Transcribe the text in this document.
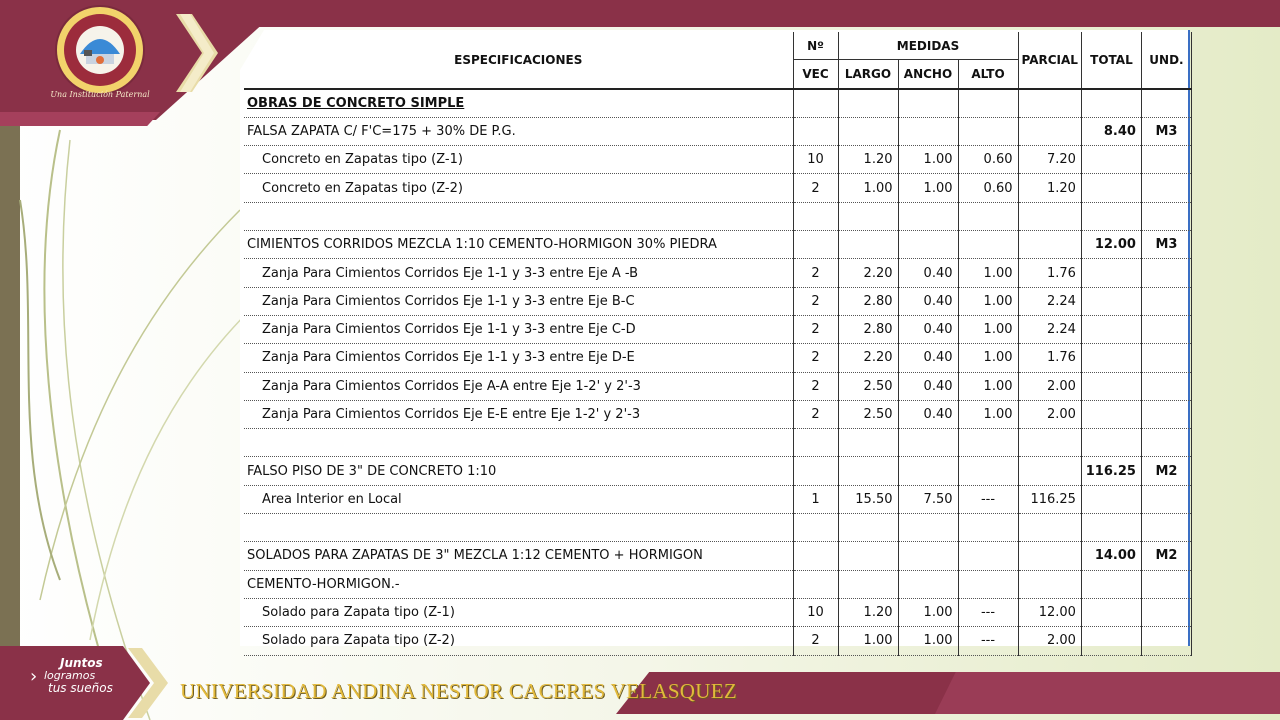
Una Institución Paternal
ESPECIFICACIONES	Nº	MEDIDAS			PARCIAL	TOTAL	UND.
	VEC	LARGO	ANCHO	ALTO			
OBRAS DE CONCRETO SIMPLE							
FALSA ZAPATA C/ F'C=175 + 30% DE P.G.						8.40	M3
Concreto en Zapatas tipo (Z-1)	10	1.20	1.00	0.60	7.20		
Concreto en Zapatas tipo (Z-2)	2	1.00	1.00	0.60	1.20		

CIMIENTOS CORRIDOS MEZCLA 1:10 CEMENTO-HORMIGON 30% PIEDRA						12.00	M3
Zanja Para Cimientos Corridos Eje 1-1 y 3-3 entre Eje A -B	2	2.20	0.40	1.00	1.76		
Zanja Para Cimientos Corridos Eje 1-1 y 3-3 entre Eje B-C	2	2.80	0.40	1.00	2.24		
Zanja Para Cimientos Corridos Eje 1-1 y 3-3 entre Eje C-D	2	2.80	0.40	1.00	2.24		
Zanja Para Cimientos Corridos Eje 1-1 y 3-3 entre Eje D-E	2	2.20	0.40	1.00	1.76		
Zanja Para Cimientos Corridos Eje A-A entre Eje 1-2' y 2'-3	2	2.50	0.40	1.00	2.00		
Zanja Para Cimientos Corridos Eje E-E entre Eje 1-2' y 2'-3	2	2.50	0.40	1.00	2.00		

FALSO PISO DE 3" DE CONCRETO 1:10						116.25	M2
Area Interior en Local	1	15.50	7.50	---	116.25		

SOLADOS PARA ZAPATAS DE 3" MEZCLA 1:12 CEMENTO + HORMIGON						14.00	M2
CEMENTO-HORMIGON.-							
Solado para Zapata tipo (Z-1)	10	1.20	1.00	---	12.00		
Solado para Zapata tipo (Z-2)	2	1.00	1.00	---	2.00		
›
Juntos
logramos
tus sueños	UNIVERSIDAD ANDINA NESTOR CACERES VELASQUEZ
